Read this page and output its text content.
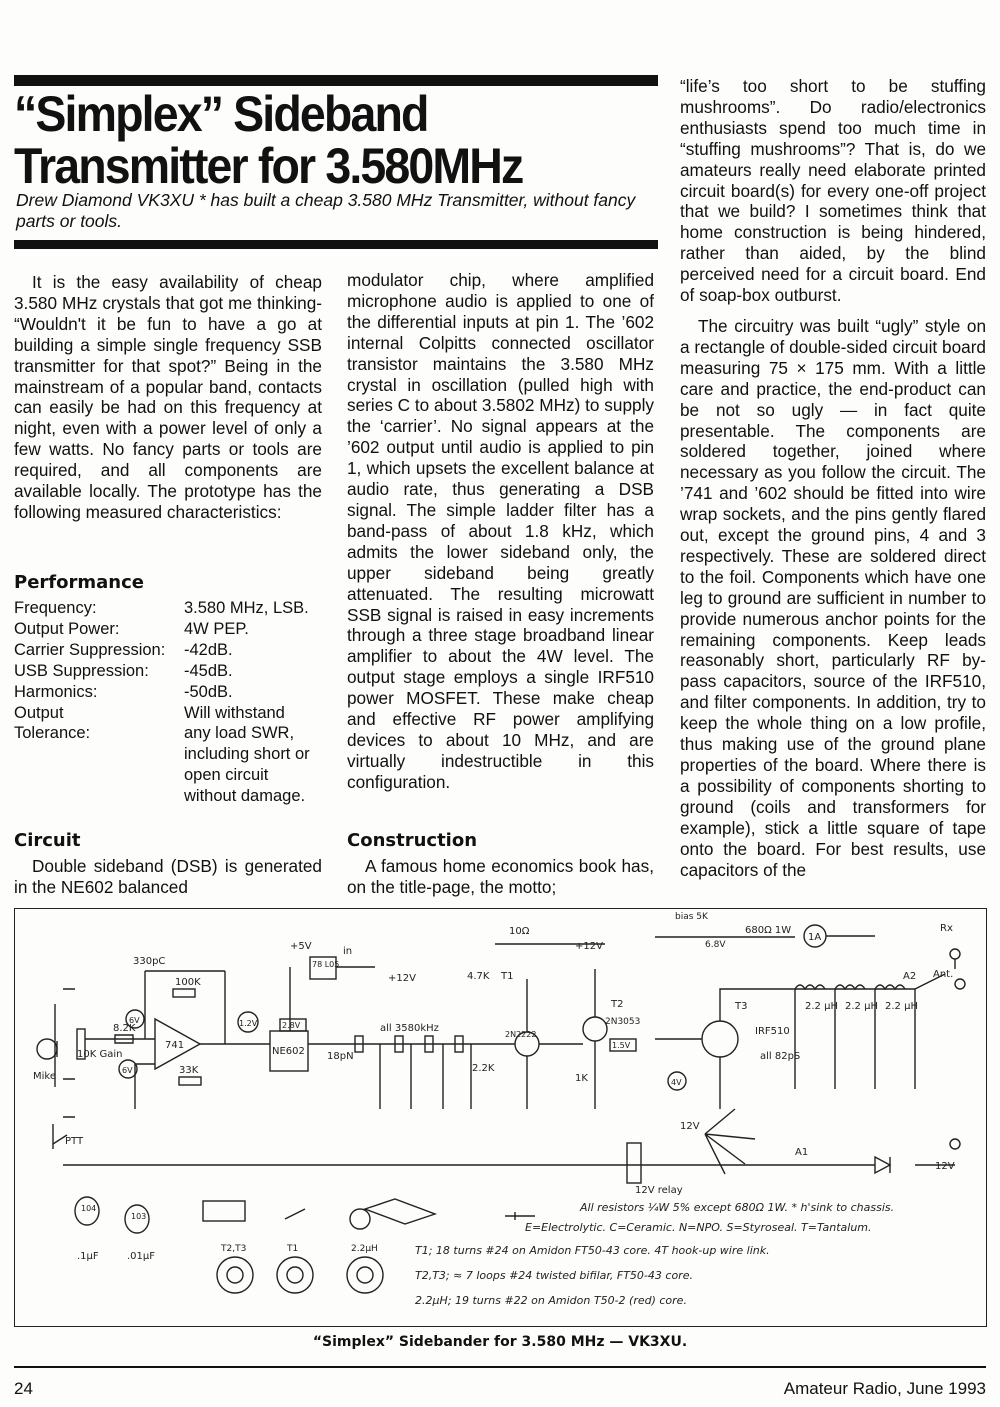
“Simplex” Sideband Transmitter for 3.580MHz
Drew Diamond VK3XU * has built a cheap 3.580 MHz Transmitter, without fancy parts or tools.

It is the easy availability of cheap 3.580 MHz crystals that got me thinking- “Wouldn't it be fun to have a go at building a simple single frequency SSB transmitter for that spot?” Being in the mainstream of a popular band, contacts can easily be had on this frequency at night, even with a power level of only a few watts. No fancy parts or tools are required, and all components are available locally. The prototype has the following measured characteristics:

Performance
Frequency:	3.580 MHz, LSB.
Output Power:	4W PEP.
Carrier Suppression:	-42dB.
USB Suppression:	-45dB.
Harmonics:	-50dB.
Output	Will withstand
Tolerance:	any load SWR, including short or open circuit without damage.
Circuit

Double sideband (DSB) is generated in the NE602 balanced

modulator chip, where amplified microphone audio is applied to one of the differential inputs at pin 1. The ’602 internal Colpitts connected oscillator transistor maintains the 3.580 MHz crystal in oscillation (pulled high with series C to about 3.5802 MHz) to supply the ‘carrier’. No signal appears at the ’602 output until audio is applied to pin 1, which upsets the excellent balance at audio rate, thus generating a DSB signal. The simple ladder filter has a band-pass of about 1.8 kHz, which admits the lower sideband only, the upper sideband being greatly attenuated. The resulting microwatt SSB signal is raised in easy increments through a three stage broadband linear amplifier to about the 4W level. The output stage employs a single IRF510 power MOSFET. These make cheap and effective RF power amplifying devices to about 10 MHz, and are virtually indestructible in this configuration.

Construction

A famous home economics book has, on the title-page, the motto;

“life’s too short to be stuffing mushrooms”. Do radio/electronics enthusiasts spend too much time in “stuffing mushrooms”? That is, do we amateurs really need elaborate printed circuit board(s) for every one-off project that we build? I sometimes think that home construction is being hindered, rather than aided, by the blind perceived need for a circuit board. End of soap-box outburst.

The circuitry was built “ugly” style on a rectangle of double-sided circuit board measuring 75 × 175 mm. With a little care and practice, the end-product can be not so ugly — in fact quite presentable. The components are soldered together, joined where necessary as you follow the circuit. The ’741 and ’602 should be fitted into wire wrap sockets, and the pins gently flared out, except the ground pins, 4 and 3 respectively. These are soldered direct to the foil. Components which have one leg to ground are sufficient in number to provide numerous anchor points for the remaining components. Keep leads reasonably short, particularly RF by-pass capacitors, source of the IRF510, and filter components. In addition, try to keep the whole thing on a low profile, thus making use of the ground plane properties of the board. Where there is a possibility of components shorting to ground (coils and transformers for example), stick a little square of tape onto the board. For best results, use capacitors of the

Mike
10K Gain
PTT
8.2K
741
330pC
100K
33K
6V
6V
1.2V
NE602
2.8V
78 L05
+5V	in
+12V
all 3580kHz
18pN
2N2222
4.7K
2.2K
T1
10Ω
+12V
2N3053
T2
1K
1.5V
bias 5K
6.8V
680Ω 1W
1A
IRF510
T3
4V
all 82pS
2.2 µH 2.2 µH 2.2 µH
A2 Ant.
Rx
12V relay
12V
A1
12V
104
103
.1µF	.01µF
T2,T3	T1	2.2µH
All resistors ¼W 5% except 680Ω 1W. * h'sink to chassis.
E=Electrolytic. C=Ceramic. N=NPO. S=Styroseal. T=Tantalum.
T1; 18 turns #24 on Amidon FT50-43 core. 4T hook-up wire link.
T2,T3; ≈ 7 loops #24 twisted bifilar, FT50-43 core.
2.2µH; 19 turns #22 on Amidon T50-2 (red) core.
“Simplex” Sidebander for 3.580 MHz — VK3XU.
24	Amateur Radio, June 1993
